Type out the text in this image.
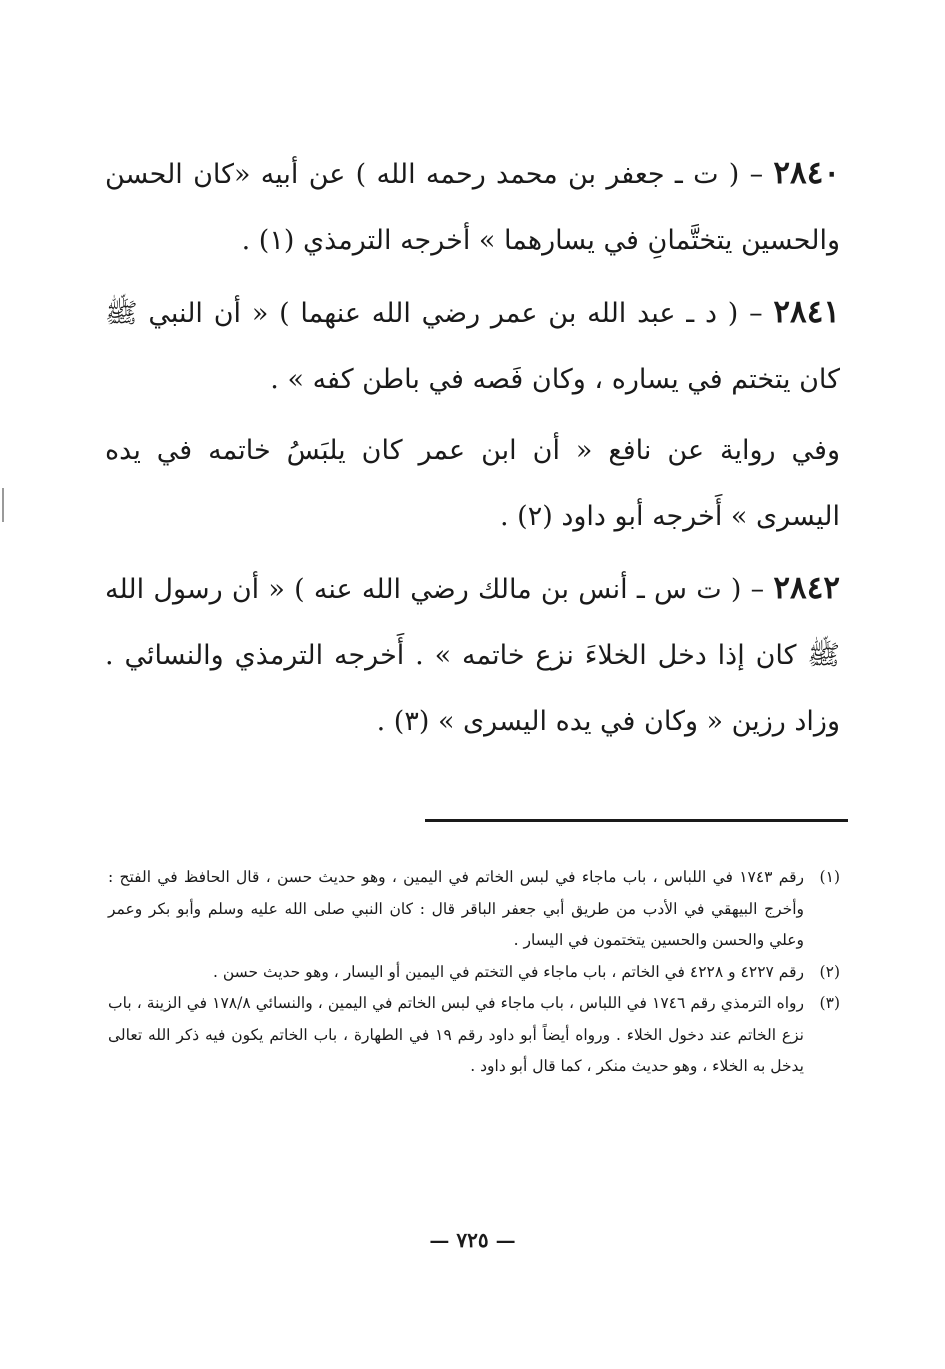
٢٨٤٠ – ( ت ـ جعفر بن محمد رحمه الله ) عن أبيه «كان الحسن والحسين يتختَّمانِ في يسارهما » أخرجه الترمذي (١) .

٢٨٤١ – ( د ـ عبد الله بن عمر رضي الله عنهما ) « أن النبي ﷺ كان يتختم في يساره ، وكان فَصه في باطن كفه » .

وفي رواية عن نافع « أن ابن عمر كان يلبَسُ خاتمه في يده اليسرى » أَخرجه أبو داود (٢) .

٢٨٤٢ – ( ت س ـ أنس بن مالك رضي الله عنه ) « أن رسول الله ﷺ كان إذا دخل الخلاءَ نزع خاتمه » . أَخرجه الترمذي والنسائي . وزاد رزين « وكان في يده اليسرى » (٣) .

(١)
رقم ١٧٤٣ في اللباس ، باب ماجاء في لبس الخاتم في اليمين ، وهو حديث حسن ، قال الحافظ في الفتح : وأخرج البيهقي في الأدب من طريق أبي جعفر الباقر قال : كان النبي صلى الله عليه وسلم وأبو بكر وعمر وعلي والحسن والحسين يتختمون في اليسار .
(٢)
رقم ٤٢٢٧ و ٤٢٢٨ في الخاتم ، باب ماجاء في التختم في اليمين أو اليسار ، وهو حديث حسن .
(٣)
رواه الترمذي رقم ١٧٤٦ في اللباس ، باب ماجاء في لبس الخاتم في اليمين ، والنسائي ١٧٨/٨ في الزينة ، باب نزع الخاتم عند دخول الخلاء . ورواه أيضاً أبو داود رقم ١٩ في الطهارة ، باب الخاتم يكون فيه ذكر الله تعالى يدخل به الخلاء ، وهو حديث منكر ، كما قال أبو داود .
— ٧٢٥ —
